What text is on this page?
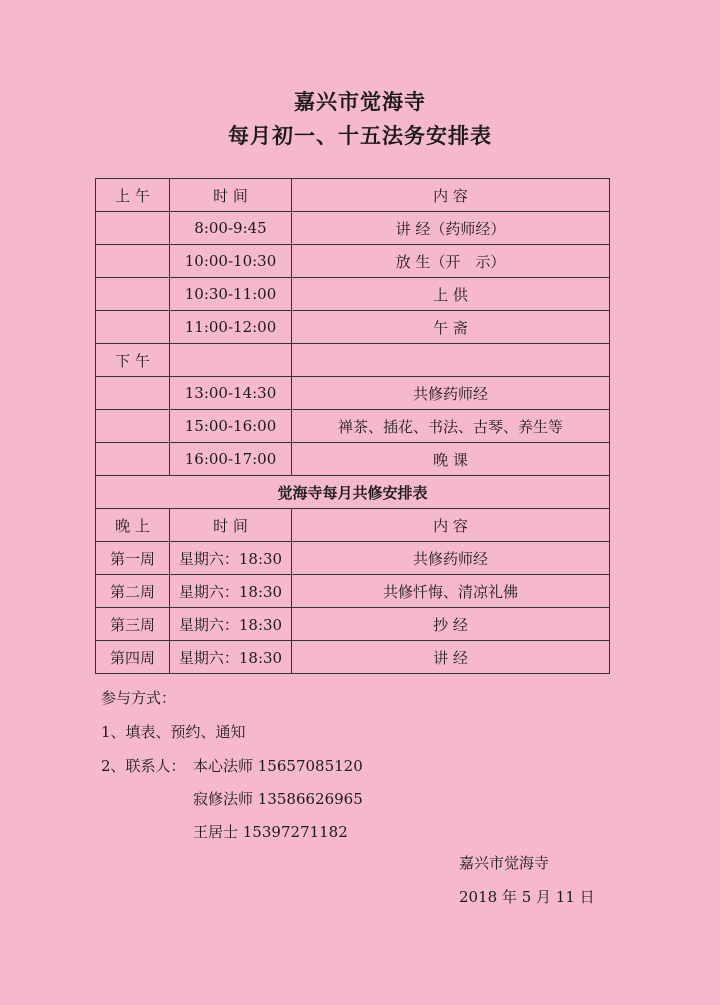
嘉兴市觉海寺
每月初一、十五法务安排表
上 午	时 间	内 容
	8:00-9:45	讲 经（药师经）
	10:00-10:30	放 生（开　示）
	10:30-11:00	上 供
	11:00-12:00	午 斋
下 午		
	13:00-14:30	共修药师经
	15:00-16:00	禅茶、插花、书法、古琴、养生等
	16:00-17:00	晚 课
觉海寺每月共修安排表		
晚 上	时 间	内 容
第一周	星期六：18:30	共修药师经
第二周	星期六：18:30	共修忏悔、清凉礼佛
第三周	星期六：18:30	抄 经
第四周	星期六：18:30	讲 经
参与方式：
1、填表、预约、通知
2、联系人： 本心法师 15657085120
寂修法师 13586626965
王居士 15397271182
嘉兴市觉海寺
2018 年 5 月 11 日
